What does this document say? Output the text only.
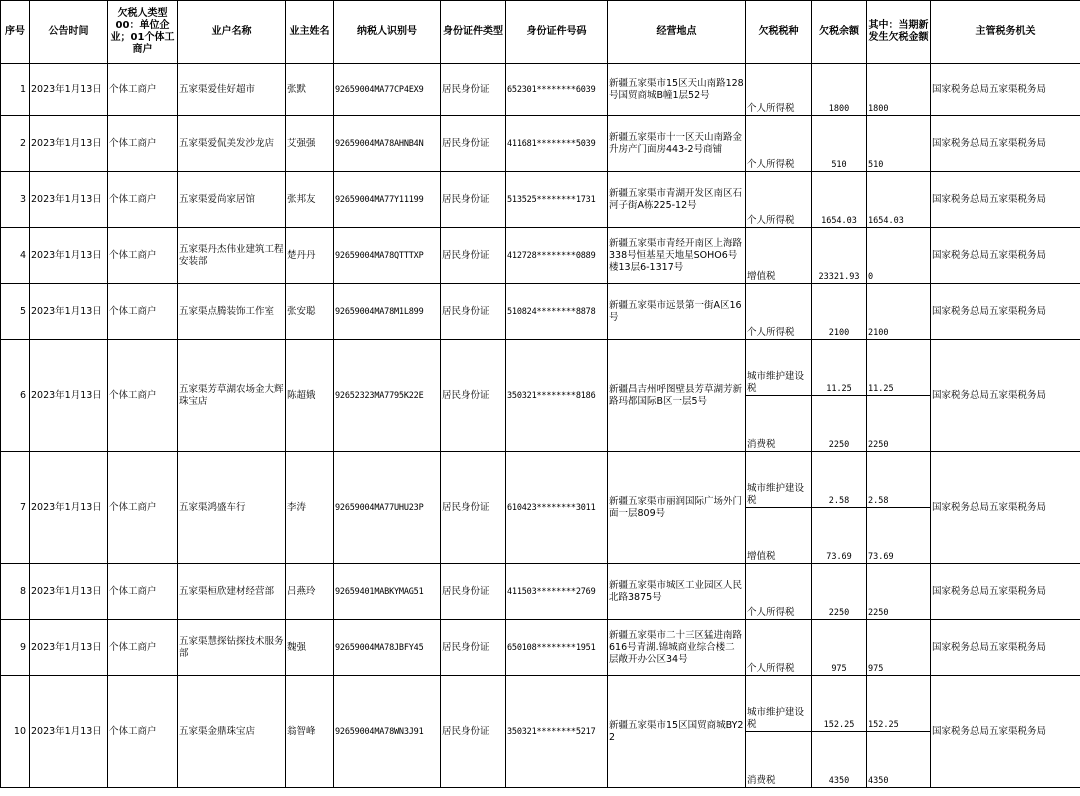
序号	公告时间	欠税人类型 00：单位企业；01个体工商户	业户名称	业主姓名	纳税人识别号	身份证件类型	身份证件号码	经营地点	欠税税种	欠税余额	其中：当期新发生欠税金额	主管税务机关
1	2023年1月13日	个体工商户	五家渠爱佳好超市	张默	92659004MA77CP4EX9	居民身份证	652301********6039	新疆五家渠市15区天山南路128号国贸商城B幢1层52号	个人所得税	1800	1800	国家税务总局五家渠税务局
2	2023年1月13日	个体工商户	五家渠爱侃美发沙龙店	艾强强	92659004MA78AHNB4N	居民身份证	411681********5039	新疆五家渠市十一区天山南路金升房产门面房443-2号商铺	个人所得税	510	510	国家税务总局五家渠税务局
3	2023年1月13日	个体工商户	五家渠爱尚家居馆	张邦友	92659004MA77Y11199	居民身份证	513525********1731	新疆五家渠市青湖开发区南区石河子街A栋225-12号	个人所得税	1654.03	1654.03	国家税务总局五家渠税务局
4	2023年1月13日	个体工商户	五家渠丹杰伟业建筑工程安装部	楚丹丹	92659004MA78QTTTXP	居民身份证	412728********0889	新疆五家渠市青经开南区上海路338号恒基星天地星SOHO6号楼13层6-1317号	增值税	23321.93	0	国家税务总局五家渠税务局
5	2023年1月13日	个体工商户	五家渠点腾装饰工作室	张安聪	92659004MA78M1L899	居民身份证	510824********8878	新疆五家渠市远景第一街A区16号	个人所得税	2100	2100	国家税务总局五家渠税务局
6	2023年1月13日	个体工商户	五家渠芳草湖农场金大辉珠宝店	陈超娥	92652323MA7795K22E	居民身份证	350321********8186	新疆昌吉州呼图壁县芳草湖芳新路玛都国际B区一层5号	城市维护建设税	11.25	11.25	国家税务总局五家渠税务局
									消费税	2250	2250	
7	2023年1月13日	个体工商户	五家渠鸿盛车行	李涛	92659004MA77UHU23P	居民身份证	610423********3011	新疆五家渠市丽润国际广场外门面一层809号	城市维护建设税	2.58	2.58	国家税务总局五家渠税务局
									增值税	73.69	73.69	
8	2023年1月13日	个体工商户	五家渠桓欣建材经营部	吕燕玲	92659401MABKYMAG51	居民身份证	411503********2769	新疆五家渠市城区工业园区人民北路3875号	个人所得税	2250	2250	国家税务总局五家渠税务局
9	2023年1月13日	个体工商户	五家渠慧探钻探技术服务部	魏强	92659004MA78JBFY45	居民身份证	650108********1951	新疆五家渠市二十三区猛进南路616号青湖.锦城商业综合楼二层敞开办公区34号	个人所得税	975	975	国家税务总局五家渠税务局
10	2023年1月13日	个体工商户	五家渠金鼎珠宝店	翁智峰	92659004MA78WN3J91	居民身份证	350321********5217	新疆五家渠市15区国贸商城BY22	城市维护建设税	152.25	152.25	国家税务总局五家渠税务局
									消费税	4350	4350	
